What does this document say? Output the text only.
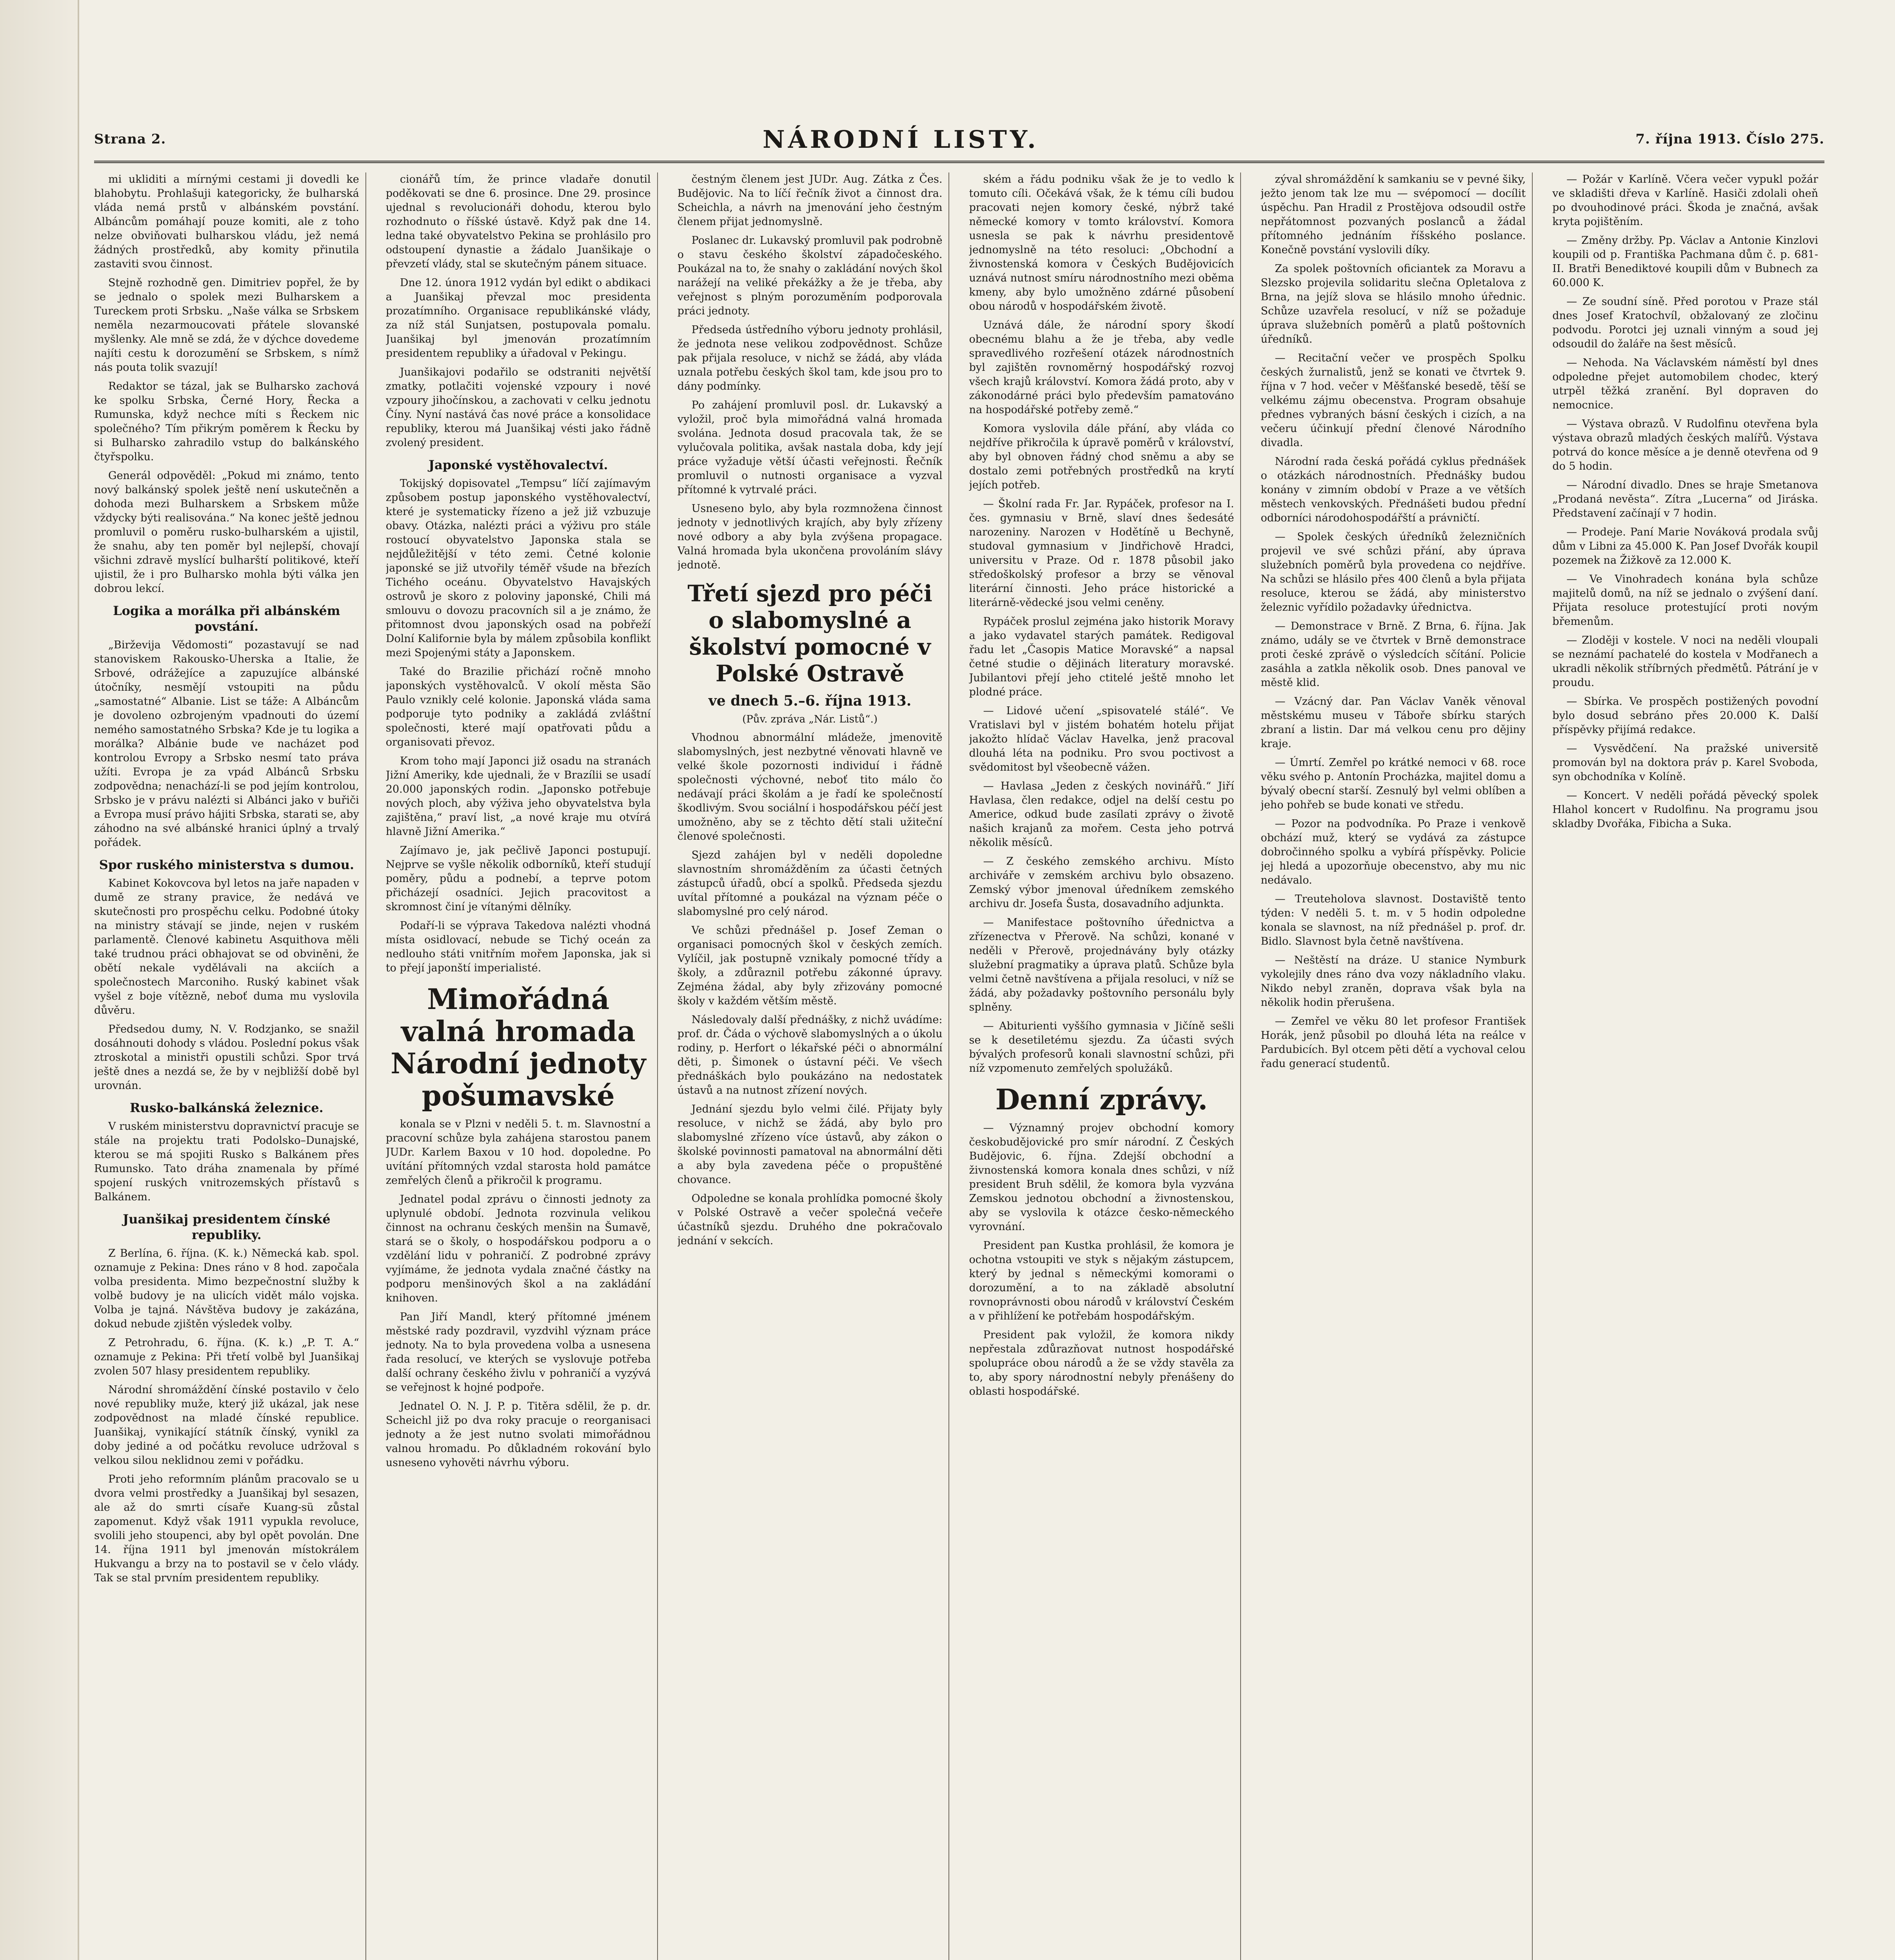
Strana 2.	NÁRODNÍ LISTY.	7. října 1913. Číslo 275.

mi ukliditi a mírnými cestami ji dovedli ke blahobytu. Prohlašuji kategoricky, že bulharská vláda nemá prstů v albánském povstání. Albáncům pomáhají pouze komiti, ale z toho nelze obviňovati bulharskou vládu, jež nemá žádných prostředků, aby komity přinutila zastaviti svou činnost.

Stejně rozhodně gen. Dimitriev popřel, že by se jednalo o spolek mezi Bulharskem a Tureckem proti Srbsku. „Naše válka se Srbskem neměla nezarmoucovati přátele slovanské myšlenky. Ale mně se zdá, že v dýchce dovedeme najíti cestu k dorozumění se Srbskem, s nímž nás pouta tolik svazují!

Redaktor se tázal, jak se Bulharsko zachová ke spolku Srbska, Černé Hory, Řecka a Rumunska, když nechce míti s Řeckem nic společného? Tím přikrým poměrem k Řecku by si Bulharsko zahradilo vstup do balkánského čtyřspolku.

Generál odpověděl: „Pokud mi známo, tento nový balkánský spolek ještě není uskutečněn a dohoda mezi Bulharskem a Srbskem může vždycky býti realisována.“ Na konec ještě jednou promluvil o poměru rusko-bulharském a ujistil, že snahu, aby ten poměr byl nejlepší, chovají všichni zdravě myslící bulharští politikové, kteří ujistil, že i pro Bulharsko mohla býti válka jen dobrou lekcí.

Logika a morálka při albánském povstání.

„Birževija Vědomosti“ pozastavují se nad stanoviskem Rakousko-Uherska a Italie, že Srbové, odrážejíce a zapuzujíce albánské útočníky, nesmějí vstoupiti na půdu „samostatné“ Albanie. List se táže: A Albáncům je dovoleno ozbrojeným vpadnouti do území nemého samostatného Srbska? Kde je tu logika a morálka? Albánie bude ve nacházet pod kontrolou Evropy a Srbsko nesmí tato práva užíti. Evropa je za vpád Albánců Srbsku zodpovědna; nenachází-li se pod jejím kontrolou, Srbsko je v právu nalézti si Albánci jako v buřiči a Evropa musí právo hájiti Srbska, starati se, aby záhodno na své albánské hranici úplný a trvalý pořádek.

Spor ruského ministerstva s dumou.

Kabinet Kokovcova byl letos na jaře napaden v dumě ze strany pravice, že nedává ve skutečnosti pro prospěchu celku. Podobné útoky na ministry stávají se jinde, nejen v ruském parlamentě. Členové kabinetu Asquithova měli také trudnou práci obhajovat se od obviněni, že obětí nekale vydělávali na akciích a společnostech Marconiho. Ruský kabinet však vyšel z boje vítězně, neboť duma mu vyslovila důvěru.

Předsedou dumy, N. V. Rodzjanko, se snažil dosáhnouti dohody s vládou. Poslední pokus však ztroskotal a ministři opustili schůzi. Spor trvá ještě dnes a nezdá se, že by v nejbližší době byl urovnán.

Rusko-balkánská železnice.

V ruském ministerstvu dopravnictví pracuje se stále na projektu trati Podolsko–Dunajské, kterou se má spojiti Rusko s Balkánem přes Rumunsko. Tato dráha znamenala by přímé spojení ruských vnitrozemských přístavů s Balkánem.

Juanšikaj presidentem čínské republiky.

Z Berlína, 6. října. (K. k.) Německá kab. spol. oznamuje z Pekina: Dnes ráno v 8 hod. započala volba presidenta. Mimo bezpečnostní služby k volbě budovy je na ulicích vidět málo vojska. Volba je tajná. Návštěva budovy je zakázána, dokud nebude zjištěn výsledek volby.

Z Petrohradu, 6. října. (K. k.) „P. T. A.“ oznamuje z Pekina: Při třetí volbě byl Juanšikaj zvolen 507 hlasy presidentem republiky.

Národní shromáždění čínské postavilo v čelo nové republiky muže, který již ukázal, jak nese zodpovědnost na mladé čínské republice. Juanšikaj, vynikající státník čínský, vynikl za doby jediné a od počátku revoluce udržoval s velkou silou neklidnou zemi v pořádku.

Proti jeho reformním plánům pracovalo se u dvora velmi prostředky a Juanšikaj byl sesazen, ale až do smrti císaře Kuang-sü zůstal zapomenut. Když však 1911 vypukla revoluce, svolili jeho stoupenci, aby byl opět povolán. Dne 14. října 1911 byl jmenován místokrálem Hukvangu a brzy na to postavil se v čelo vlády. Tak se stal prvním presidentem republiky.

cionářů tím, že prince vladaře donutil poděkovati se dne 6. prosince. Dne 29. prosince ujednal s revolucionáři dohodu, kterou bylo rozhodnuto o říšské ústavě. Když pak dne 14. ledna také obyvatelstvo Pekina se prohlásilo pro odstoupení dynastie a žádalo Juanšikaje o převzetí vlády, stal se skutečným pánem situace.

Dne 12. února 1912 vydán byl edikt o abdikaci a Juanšikaj převzal moc presidenta prozatímního. Organisace republikánské vlády, za níž stál Sunjatsen, postupovala pomalu. Juanšikaj byl jmenován prozatímním presidentem republiky a úřadoval v Pekingu.

Juanšikajovi podařilo se odstraniti největší zmatky, potlačiti vojenské vzpoury i nové vzpoury jihočínskou, a zachovati v celku jednotu Číny. Nyní nastává čas nové práce a konsolidace republiky, kterou má Juanšikaj vésti jako řádně zvolený president.

Japonské vystěhovalectví.

Tokijský dopisovatel „Tempsu“ líčí zajímavým způsobem postup japonského vystěhovalectví, které je systematicky řízeno a jež již vzbuzuje obavy. Otázka, nalézti práci a výživu pro stále rostoucí obyvatelstvo Japonska stala se nejdůležitější v této zemi. Četné kolonie japonské se již utvořily téměř všude na březích Tichého oceánu. Obyvatelstvo Havajských ostrovů je skoro z poloviny japonské, Chili má smlouvu o dovozu pracovních sil a je známo, že přitomnost dvou japonských osad na pobřeží Dolní Kalifornie byla by málem způsobila konflikt mezi Spojenými státy a Japonskem.

Také do Brazilie přichází ročně mnoho japonských vystěhovalců. V okolí města São Paulo vznikly celé kolonie. Japonská vláda sama podporuje tyto podniky a zakládá zvláštní společnosti, které mají opatřovati půdu a organisovati převoz.

Krom toho mají Japonci již osadu na stranách Jižní Ameriky, kde ujednali, že v Brazílii se usadí 20.000 japonských rodin. „Japonsko potřebuje nových ploch, aby výživa jeho obyvatelstva byla zajištěna,“ praví list, „a nové kraje mu otvírá hlavně Jižní Amerika.“

Zajímavo je, jak pečlivě Japonci postupují. Nejprve se vyšle několik odborníků, kteří studují poměry, půdu a podnebí, a teprve potom přicházejí osadníci. Jejich pracovitost a skromnost činí je vítanými dělníky.

Podaří-li se výprava Takedova nalézti vhodná místa osidlovací, nebude se Tichý oceán za nedlouho státi vnitřním mořem Japonska, jak si to přejí japonští imperialisté.

Mimořádná valná hromada Národní jednoty pošumavské

konala se v Plzni v neděli 5. t. m. Slavnostní a pracovní schůze byla zahájena starostou panem JUDr. Karlem Baxou v 10 hod. dopoledne. Po uvítání přítomných vzdal starosta hold památce zemřelých členů a přikročil k programu.

Jednatel podal zprávu o činnosti jednoty za uplynulé období. Jednota rozvinula velikou činnost na ochranu českých menšin na Šumavě, stará se o školy, o hospodářskou podporu a o vzdělání lidu v pohraničí. Z podrobné zprávy vyjímáme, že jednota vydala značné částky na podporu menšinových škol a na zakládání knihoven.

Pan Jiří Mandl, který přítomné jménem městské rady pozdravil, vyzdvihl význam práce jednoty. Na to byla provedena volba a usnesena řada resolucí, ve kterých se vyslovuje potřeba další ochrany českého živlu v pohraničí a vyzývá se veřejnost k hojné podpoře.

Jednatel O. N. J. P. p. Titěra sdělil, že p. dr. Scheichl již po dva roky pracuje o reorganisaci jednoty a že jest nutno svolati mimořádnou valnou hromadu. Po důkladném rokování bylo usneseno vyhověti návrhu výboru.

čestným členem jest JUDr. Aug. Zátka z Čes. Budějovic. Na to líčí řečník život a činnost dra. Scheichla, a návrh na jmenování jeho čestným členem přijat jednomyslně.

Poslanec dr. Lukavský promluvil pak podrobně o stavu českého školství západočeského. Poukázal na to, že snahy o zakládání nových škol narážejí na veliké překážky a že je třeba, aby veřejnost s plným porozuměním podporovala práci jednoty.

Předseda ústředního výboru jednoty prohlásil, že jednota nese velikou zodpovědnost. Schůze pak přijala resoluce, v nichž se žádá, aby vláda uznala potřebu českých škol tam, kde jsou pro to dány podmínky.

Po zahájení promluvil posl. dr. Lukavský a vyložil, proč byla mimořádná valná hromada svolána. Jednota dosud pracovala tak, že se vylučovala politika, avšak nastala doba, kdy její práce vyžaduje větší účasti veřejnosti. Řečník promluvil o nutnosti organisace a vyzval přítomné k vytrvalé práci.

Usneseno bylo, aby byla rozmnožena činnost jednoty v jednotlivých krajích, aby byly zřízeny nové odbory a aby byla zvýšena propagace. Valná hromada byla ukončena provoláním slávy jednotě.

Třetí sjezd pro péči o slabomyslné a školství pomocné v Polské Ostravě
ve dnech 5.–6. října 1913.
(Pův. zpráva „Nár. Listů“.)

Vhodnou abnormální mládeže, jmenovitě slabomyslných, jest nezbytné věnovati hlavně ve velké škole pozornosti individuí i řádně společnosti výchovné, neboť tito málo čo nedávají práci školám a je řadí ke společností škodlivým. Svou sociální i hospodářskou péčí jest umožněno, aby se z těchto dětí stali užiteční členové společnosti.

Sjezd zahájen byl v neděli dopoledne slavnostním shromážděním za účasti četných zástupců úřadů, obcí a spolků. Předseda sjezdu uvítal přítomné a poukázal na význam péče o slabomyslné pro celý národ.

Ve schůzi přednášel p. Josef Zeman o organisaci pomocných škol v českých zemích. Vylíčil, jak postupně vznikaly pomocné třídy a školy, a zdůraznil potřebu zákonné úpravy. Zejména žádal, aby byly zřizovány pomocné školy v každém větším městě.

Následovaly další přednášky, z nichž uvádíme: prof. dr. Čáda o výchově slabomyslných a o úkolu rodiny, p. Herfort o lékařské péči o abnormální děti, p. Šimonek o ústavní péči. Ve všech přednáškách bylo poukázáno na nedostatek ústavů a na nutnost zřízení nových.

Jednání sjezdu bylo velmi čilé. Přijaty byly resoluce, v nichž se žádá, aby bylo pro slabomyslné zřízeno více ústavů, aby zákon o školské povinnosti pamatoval na abnormální děti a aby byla zavedena péče o propuštěné chovance.

Odpoledne se konala prohlídka pomocné školy v Polské Ostravě a večer společná večeře účastníků sjezdu. Druhého dne pokračovalo jednání v sekcích.

ském a řádu podniku však že je to vedlo k tomuto cíli. Očekává však, že k tému cíli budou pracovati nejen komory české, nýbrž také německé komory v tomto království. Komora usnesla se pak k návrhu presidentově jednomyslně na této resoluci: „Obchodní a živnostenská komora v Českých Budějovicích uznává nutnost smíru národnostního mezi oběma kmeny, aby bylo umožněno zdárné působení obou národů v hospodářském životě.

Uznává dále, že národní spory škodí obecnému blahu a že je třeba, aby vedle spravedlivého rozřešení otázek národnostních byl zajištěn rovnoměrný hospodářský rozvoj všech krajů království. Komora žádá proto, aby v zákonodárné práci bylo především pamatováno na hospodářské potřeby země.“

Komora vyslovila dále přání, aby vláda co nejdříve přikročila k úpravě poměrů v království, aby byl obnoven řádný chod sněmu a aby se dostalo zemi potřebných prostředků na krytí jejích potřeb.

— Školní rada Fr. Jar. Rypáček, profesor na I. čes. gymnasiu v Brně, slaví dnes šedesáté narozeniny. Narozen v Hodětíně u Bechyně, studoval gymnasium v Jindřichově Hradci, universitu v Praze. Od r. 1878 působil jako středoškolský profesor a brzy se věnoval literární činnosti. Jeho práce historické a literárně-vědecké jsou velmi ceněny.

Rypáček proslul zejména jako historik Moravy a jako vydavatel starých památek. Redigoval řadu let „Časopis Matice Moravské“ a napsal četné studie o dějinách literatury moravské. Jubilantovi přejí jeho ctitelé ještě mnoho let plodné práce.

— Lidové učení „spisovatelé stálé“. Ve Vratislavi byl v jistém bohatém hotelu přijat jakožto hlídač Václav Havelka, jenž pracoval dlouhá léta na podniku. Pro svou poctivost a svědomitost byl všeobecně vážen.

— Havlasa „Jeden z českých novinářů.“ Jiří Havlasa, člen redakce, odjel na delší cestu po Americe, odkud bude zasílati zprávy o životě našich krajanů za mořem. Cesta jeho potrvá několik měsíců.

— Z českého zemského archivu. Místo archiváře v zemském archivu bylo obsazeno. Zemský výbor jmenoval úředníkem zemského archivu dr. Josefa Šusta, dosavadního adjunkta.

— Manifestace poštovního úřednictva a zřízenectva v Přerově. Na schůzi, konané v neděli v Přerově, projednávány byly otázky služební pragmatiky a úprava platů. Schůze byla velmi četně navštívena a přijala resoluci, v níž se žádá, aby požadavky poštovního personálu byly splněny.

— Abiturienti vyššího gymnasia v Jičíně sešli se k desetiletému sjezdu. Za účasti svých bývalých profesorů konali slavnostní schůzi, při níž vzpomenuto zemřelých spolužáků.

Denní zprávy.

— Významný projev obchodní komory českobudějovické pro smír národní. Z Českých Budějovic, 6. října. Zdejší obchodní a živnostenská komora konala dnes schůzi, v níž president Bruh sdělil, že komora byla vyzvána Zemskou jednotou obchodní a živnostenskou, aby se vyslovila k otázce česko-německého vyrovnání.

President pan Kustka prohlásil, že komora je ochotna vstoupiti ve styk s nějakým zástupcem, který by jednal s německými komorami o dorozumění, a to na základě absolutní rovnoprávnosti obou národů v království Českém a v přihlížení ke potřebám hospodářským.

President pak vyložil, že komora nikdy nepřestala zdůrazňovat nutnost hospodářské spolupráce obou národů a že se vždy stavěla za to, aby spory národnostní nebyly přenášeny do oblasti hospodářské.

zýval shromáždění k samkaniu se v pevné šiky, ježto jenom tak lze mu — svépomocí — docílit úspěchu. Pan Hradil z Prostějova odsoudil ostře nepřátomnost pozvaných poslanců a žádal přítomného jednáním říšského poslance. Konečně povstání vyslovili díky.

Za spolek poštovních oficiantek za Moravu a Slezsko projevila solidaritu slečna Opletalova z Brna, na jejíž slova se hlásilo mnoho úřednic. Schůze uzavřela resolucí, v níž se požaduje úprava služebních poměrů a platů poštovních úředníků.

— Recitační večer ve prospěch Spolku českých žurnalistů, jenž se konati ve čtvrtek 9. října v 7 hod. večer v Měšťanské besedě, těší se velkému zájmu obecenstva. Program obsahuje přednes vybraných básní českých i cizích, a na večeru účinkují přední členové Národního divadla.

Národní rada česká pořádá cyklus přednášek o otázkách národnostních. Přednášky budou konány v zimním období v Praze a ve větších městech venkovských. Přednášeti budou přední odborníci národohospodářští a právničtí.

— Spolek českých úředníků železničních projevil ve své schůzi přání, aby úprava služebních poměrů byla provedena co nejdříve. Na schůzi se hlásilo přes 400 členů a byla přijata resoluce, kterou se žádá, aby ministerstvo železnic vyřídilo požadavky úřednictva.

— Demonstrace v Brně. Z Brna, 6. října. Jak známo, udály se ve čtvrtek v Brně demonstrace proti české zprávě o výsledcích sčítání. Policie zasáhla a zatkla několik osob. Dnes panoval ve městě klid.

— Vzácný dar. Pan Václav Vaněk věnoval městskému museu v Táboře sbírku starých zbraní a listin. Dar má velkou cenu pro dějiny kraje.

— Úmrtí. Zemřel po krátké nemoci v 68. roce věku svého p. Antonín Procházka, majitel domu a bývalý obecní starší. Zesnulý byl velmi oblíben a jeho pohřeb se bude konati ve středu.

— Pozor na podvodníka. Po Praze i venkově obchází muž, který se vydává za zástupce dobročinného spolku a vybírá příspěvky. Policie jej hledá a upozorňuje obecenstvo, aby mu nic nedávalo.

— Treuteholova slavnost. Dostaviště tento týden: V neděli 5. t. m. v 5 hodin odpoledne konala se slavnost, na níž přednášel p. prof. dr. Bidlo. Slavnost byla četně navštívena.

— Neštěstí na dráze. U stanice Nymburk vykolejily dnes ráno dva vozy nákladního vlaku. Nikdo nebyl zraněn, doprava však byla na několik hodin přerušena.

— Zemřel ve věku 80 let profesor František Horák, jenž působil po dlouhá léta na reálce v Pardubicích. Byl otcem pěti dětí a vychoval celou řadu generací studentů.

— Požár v Karlíně. Včera večer vypukl požár ve skladišti dřeva v Karlíně. Hasiči zdolali oheň po dvouhodinové práci. Škoda je značná, avšak kryta pojištěním.

— Změny držby. Pp. Václav a Antonie Kinzlovi koupili od p. Františka Pachmana dům č. p. 681-II. Bratři Benediktové koupili dům v Bubnech za 60.000 K.

— Ze soudní síně. Před porotou v Praze stál dnes Josef Kratochvíl, obžalovaný ze zločinu podvodu. Porotci jej uznali vinným a soud jej odsoudil do žaláře na šest měsíců.

— Nehoda. Na Václavském náměstí byl dnes odpoledne přejet automobilem chodec, který utrpěl těžká zranění. Byl dopraven do nemocnice.

— Výstava obrazů. V Rudolfinu otevřena byla výstava obrazů mladých českých malířů. Výstava potrvá do konce měsíce a je denně otevřena od 9 do 5 hodin.

— Národní divadlo. Dnes se hraje Smetanova „Prodaná nevěsta“. Zítra „Lucerna“ od Jiráska. Představení začínají v 7 hodin.

— Prodeje. Paní Marie Nováková prodala svůj dům v Libni za 45.000 K. Pan Josef Dvořák koupil pozemek na Žižkově za 12.000 K.

— Ve Vinohradech konána byla schůze majitelů domů, na níž se jednalo o zvýšení daní. Přijata resoluce protestující proti novým břemenům.

— Zloději v kostele. V noci na neděli vloupali se neznámí pachatelé do kostela v Modřanech a ukradli několik stříbrných předmětů. Pátrání je v proudu.

— Sbírka. Ve prospěch postižených povodní bylo dosud sebráno přes 20.000 K. Další příspěvky přijímá redakce.

— Vysvědčení. Na pražské universitě promován byl na doktora práv p. Karel Svoboda, syn obchodníka v Kolíně.

— Koncert. V neděli pořádá pěvecký spolek Hlahol koncert v Rudolfinu. Na programu jsou skladby Dvořáka, Fibicha a Suka.
